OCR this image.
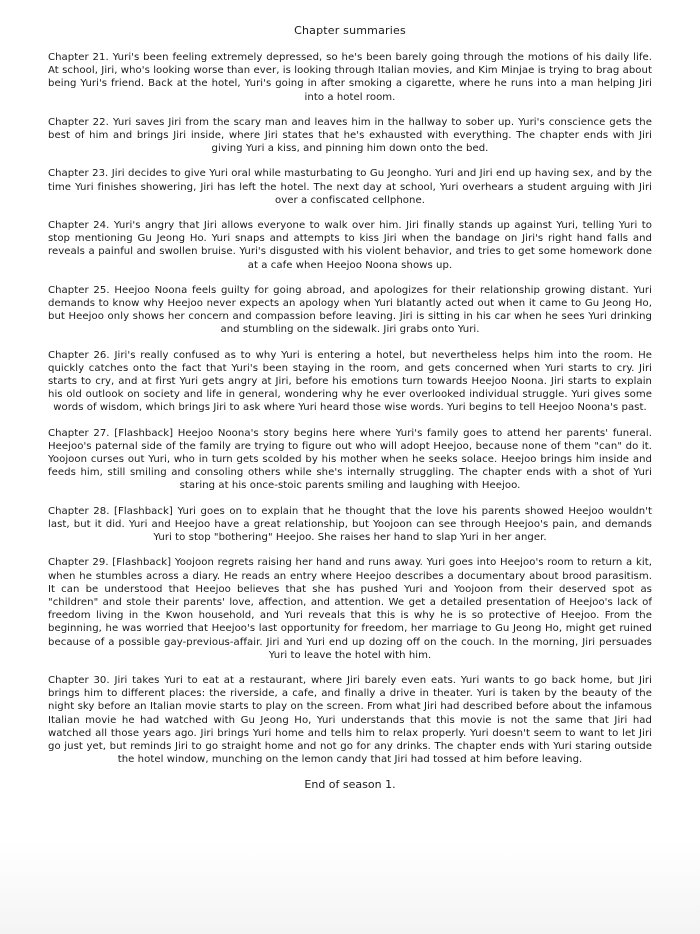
Chapter summaries
Chapter 21. Yuri's been feeling extremely depressed, so he's been barely going through the motions of his daily life. At school, Jiri, who's looking worse than ever, is looking through Italian movies, and Kim Minjae is trying to brag about being Yuri's friend. Back at the hotel, Yuri's going in after smoking a cigarette, where he runs into a man helping Jiri into a hotel room.
Chapter 22. Yuri saves Jiri from the scary man and leaves him in the hallway to sober up. Yuri's conscience gets the best of him and brings Jiri inside, where Jiri states that he's exhausted with everything. The chapter ends with Jiri giving Yuri a kiss, and pinning him down onto the bed.
Chapter 23. Jiri decides to give Yuri oral while masturbating to Gu Jeongho. Yuri and Jiri end up having sex, and by the time Yuri finishes showering, Jiri has left the hotel. The next day at school, Yuri overhears a student arguing with Jiri over a confiscated cellphone.
Chapter 24. Yuri's angry that Jiri allows everyone to walk over him. Jiri finally stands up against Yuri, telling Yuri to stop mentioning Gu Jeong Ho. Yuri snaps and attempts to kiss Jiri when the bandage on Jiri's right hand falls and reveals a painful and swollen bruise. Yuri's disgusted with his violent behavior, and tries to get some homework done at a cafe when Heejoo Noona shows up.
Chapter 25. Heejoo Noona feels guilty for going abroad, and apologizes for their relationship growing distant. Yuri demands to know why Heejoo never expects an apology when Yuri blatantly acted out when it came to Gu Jeong Ho, but Heejoo only shows her concern and compassion before leaving. Jiri is sitting in his car when he sees Yuri drinking and stumbling on the sidewalk. Jiri grabs onto Yuri.
Chapter 26. Jiri's really confused as to why Yuri is entering a hotel, but nevertheless helps him into the room. He quickly catches onto the fact that Yuri's been staying in the room, and gets concerned when Yuri starts to cry. Jiri starts to cry, and at first Yuri gets angry at Jiri, before his emotions turn towards Heejoo Noona. Jiri starts to explain his old outlook on society and life in general, wondering why he ever overlooked individual struggle. Yuri gives some words of wisdom, which brings Jiri to ask where Yuri heard those wise words. Yuri begins to tell Heejoo Noona's past.
Chapter 27. [Flashback] Heejoo Noona's story begins here where Yuri's family goes to attend her parents' funeral. Heejoo's paternal side of the family are trying to figure out who will adopt Heejoo, because none of them "can" do it. Yoojoon curses out Yuri, who in turn gets scolded by his mother when he seeks solace. Heejoo brings him inside and feeds him, still smiling and consoling others while she's internally struggling. The chapter ends with a shot of Yuri staring at his once-stoic parents smiling and laughing with Heejoo.
Chapter 28. [Flashback] Yuri goes on to explain that he thought that the love his parents showed Heejoo wouldn't last, but it did. Yuri and Heejoo have a great relationship, but Yoojoon can see through Heejoo's pain, and demands Yuri to stop "bothering" Heejoo. She raises her hand to slap Yuri in her anger.
Chapter 29. [Flashback] Yoojoon regrets raising her hand and runs away. Yuri goes into Heejoo's room to return a kit, when he stumbles across a diary. He reads an entry where Heejoo describes a documentary about brood parasitism. It can be understood that Heejoo believes that she has pushed Yuri and Yoojoon from their deserved spot as "children" and stole their parents' love, affection, and attention. We get a detailed presentation of Heejoo's lack of freedom living in the Kwon household, and Yuri reveals that this is why he is so protective of Heejoo. From the beginning, he was worried that Heejoo's last opportunity for freedom, her marriage to Gu Jeong Ho, might get ruined because of a possible gay-previous-affair. Jiri and Yuri end up dozing off on the couch. In the morning, Jiri persuades Yuri to leave the hotel with him.
Chapter 30. Jiri takes Yuri to eat at a restaurant, where Jiri barely even eats. Yuri wants to go back home, but Jiri brings him to different places: the riverside, a cafe, and finally a drive in theater. Yuri is taken by the beauty of the night sky before an Italian movie starts to play on the screen. From what Jiri had described before about the infamous Italian movie he had watched with Gu Jeong Ho, Yuri understands that this movie is not the same that Jiri had watched all those years ago. Jiri brings Yuri home and tells him to relax properly. Yuri doesn't seem to want to let Jiri go just yet, but reminds Jiri to go straight home and not go for any drinks. The chapter ends with Yuri staring outside the hotel window, munching on the lemon candy that Jiri had tossed at him before leaving.
End of season 1.
